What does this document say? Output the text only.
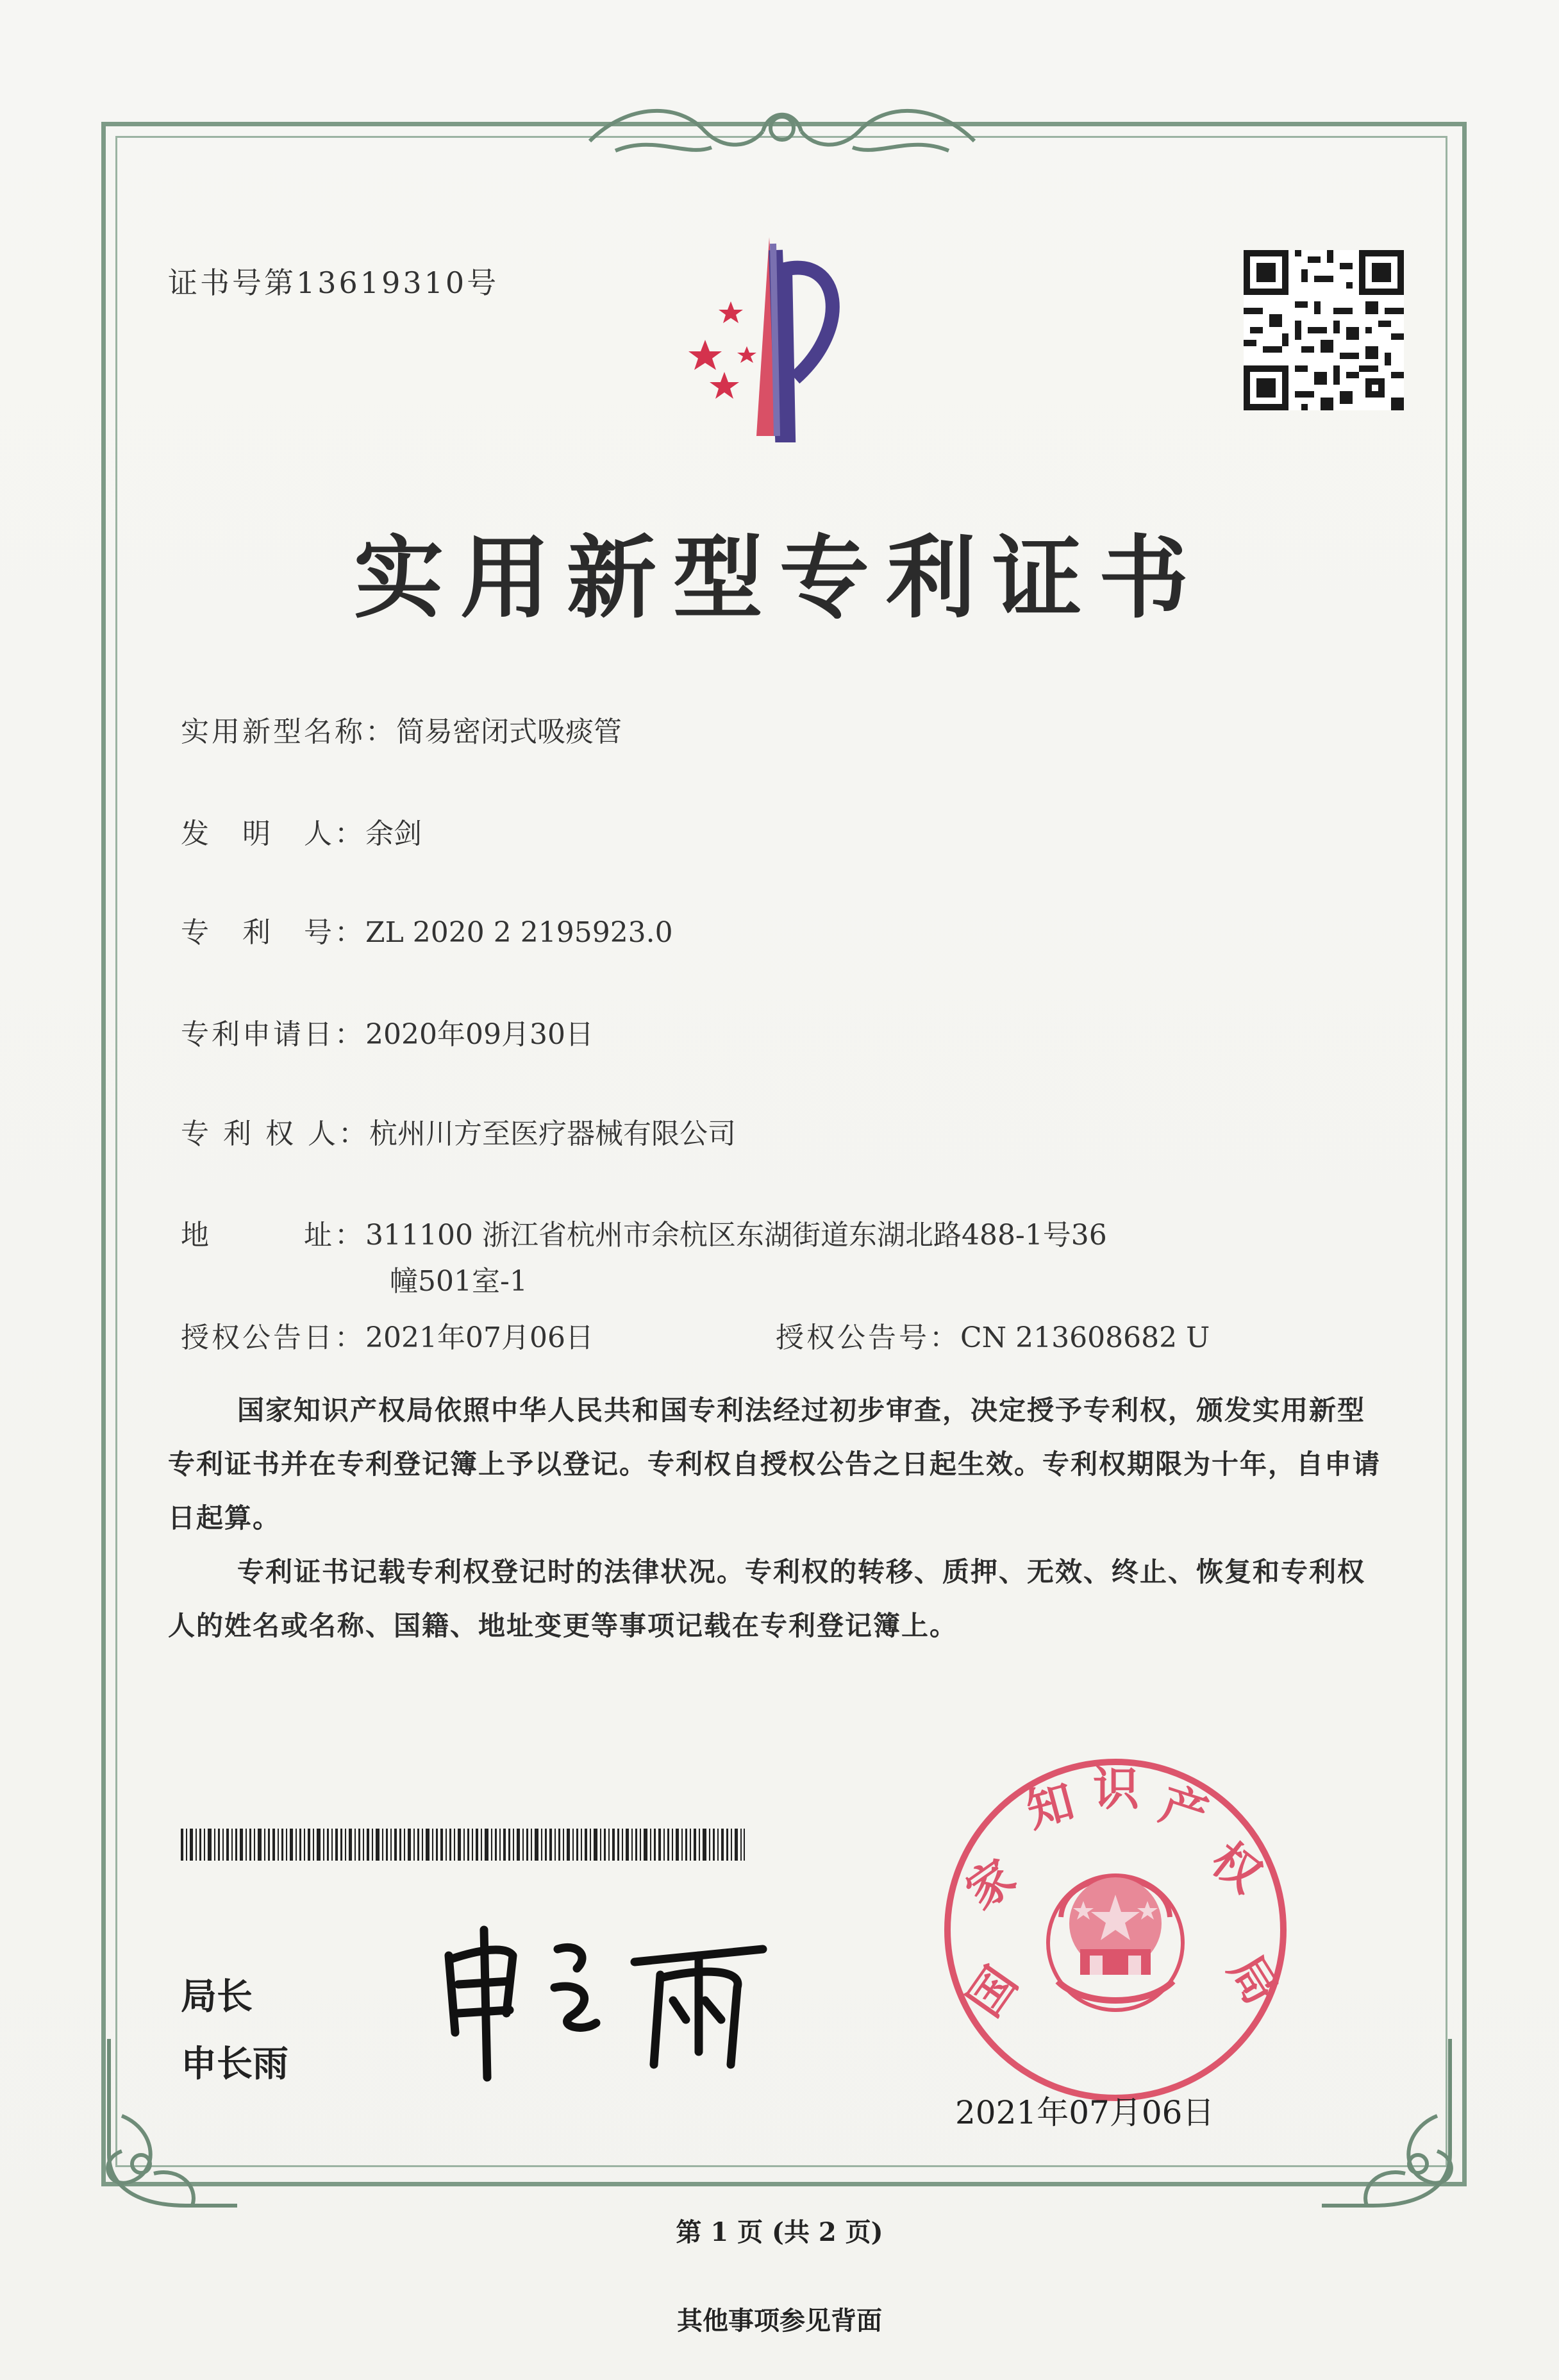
证书号第13619310号
实用新型专利证书
实用新型名称：简易密闭式吸痰管
发　明　人：余剑
专　利　号：ZL 2020 2 2195923.0
专利申请日：2020年09月30日
专 利 权 人：杭州川方至医疗器械有限公司
地　　　址：311100 浙江省杭州市余杭区东湖街道东湖北路488-1号36
幢501室-1
授权公告日：2021年07月06日	授权公告号：CN 213608682 U
国家知识产权局依照中华人民共和国专利法经过初步审查，决定授予专利权，颁发实用新型专利证书并在专利登记簿上予以登记。专利权自授权公告之日起生效。专利权期限为十年，自申请日起算。
专利证书记载专利权登记时的法律状况。专利权的转移、质押、无效、终止、恢复和专利权人的姓名或名称、国籍、地址变更等事项记载在专利登记簿上。
局长
申长雨
国
家
知 识 产
权
局
2021年07月06日
第 1 页 (共 2 页)
其他事项参见背面
